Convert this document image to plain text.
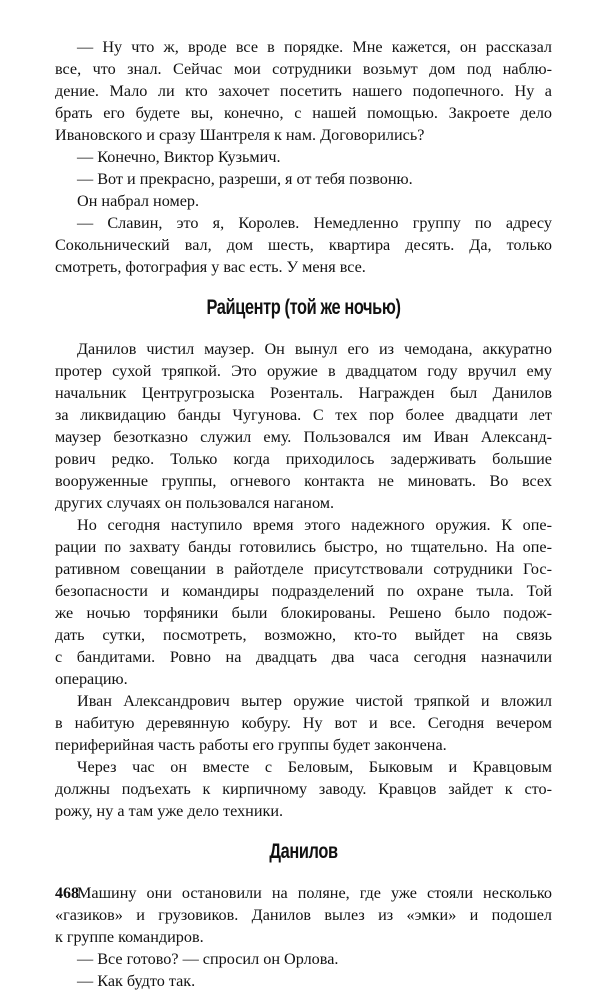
— Ну что ж, вроде все в порядке. Мне кажется, он рассказал
все, что знал. Сейчас мои сотрудники возьмут дом под наблю-
дение. Мало ли кто захочет посетить нашего подопечного. Ну а
брать его будете вы, конечно, с нашей помощью. Закроете дело
Ивановского и сразу Шантреля к нам. Договорились?
— Конечно, Виктор Кузьмич.
— Вот и прекрасно, разреши, я от тебя позвоню.
Он набрал номер.
— Славин, это я, Королев. Немедленно группу по адресу
Сокольнический вал, дом шесть, квартира десять. Да, только
смотреть, фотография у вас есть. У меня все.
Райцентр (той же ночью)
Данилов чистил маузер. Он вынул его из чемодана, аккуратно
протер сухой тряпкой. Это оружие в двадцатом году вручил ему
начальник Центругрозыска Розенталь. Награжден был Данилов
за ликвидацию банды Чугунова. С тех пор более двадцати лет
маузер безотказно служил ему. Пользовался им Иван Александ-
рович редко. Только когда приходилось задерживать большие
вооруженные группы, огневого контакта не миновать. Во всех
других случаях он пользовался наганом.
Но сегодня наступило время этого надежного оружия. К опе-
рации по захвату банды готовились быстро, но тщательно. На опе-
ративном совещании в райотделе присутствовали сотрудники Гос-
безопасности и командиры подразделений по охране тыла. Той
же ночью торфяники были блокированы. Решено было подож-
дать сутки, посмотреть, возможно, кто-то выйдет на связь
с бандитами. Ровно на двадцать два часа сегодня назначили
операцию.
Иван Александрович вытер оружие чистой тряпкой и вложил
в набитую деревянную кобуру. Ну вот и все. Сегодня вечером
периферийная часть работы его группы будет закончена.
Через час он вместе с Беловым, Быковым и Кравцовым
должны подъехать к кирпичному заводу. Кравцов зайдет к сто-
рожу, ну а там уже дело техники.
Данилов
Машину они остановили на поляне, где уже стояли несколько
«газиков» и грузовиков. Данилов вылез из «эмки» и подошел
к группе командиров.
— Все готово? — спросил он Орлова.
— Как будто так.
468
